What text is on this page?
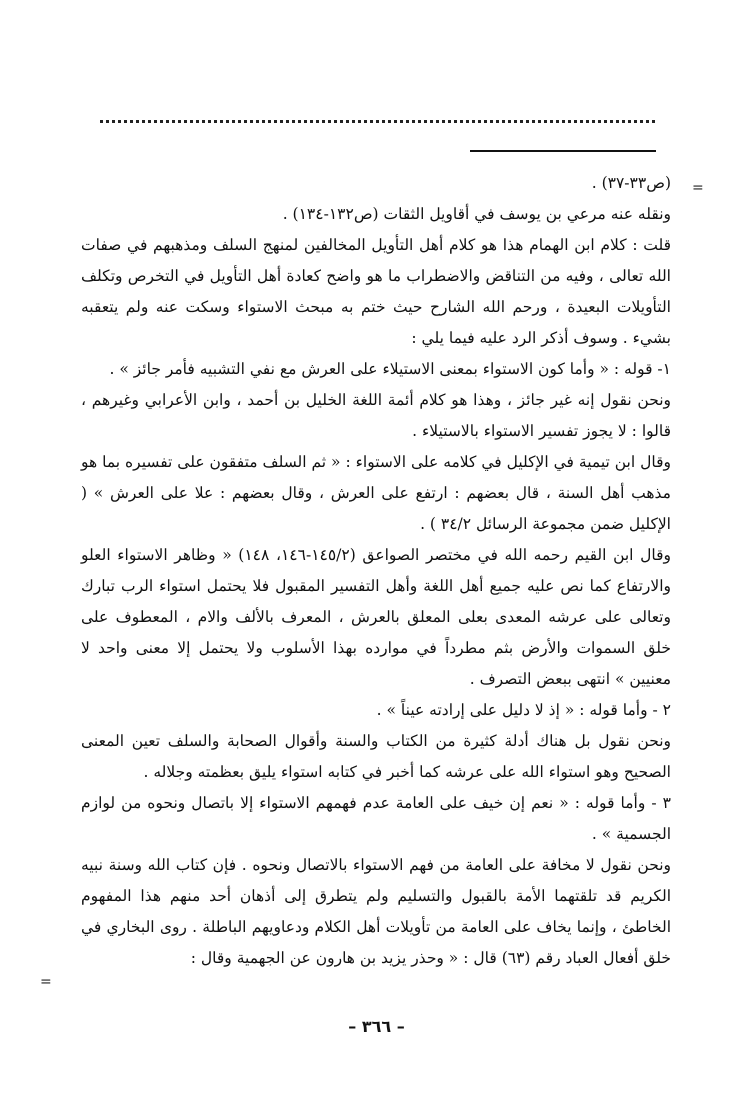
=

(ص٣٣-٣٧) .

ونقله عنه مرعي بن يوسف في أقاويل الثقات (ص١٣٢-١٣٤) .

قلت : كلام ابن الهمام هذا هو كلام أهل التأويل المخالفين لمنهج السلف ومذهبهم في صفات الله تعالى ، وفيه من التناقض والاضطراب ما هو واضح كعادة أهل التأويل في التخرص وتكلف التأويلات البعيدة ، ورحم الله الشارح حيث ختم به مبحث الاستواء وسكت عنه ولم يتعقبه بشيء . وسوف أذكر الرد عليه فيما يلي :

١- قوله : « وأما كون الاستواء بمعنى الاستيلاء على العرش مع نفي التشبيه فأمر جائز » .

ونحن نقول إنه غير جائز ، وهذا هو كلام أئمة اللغة الخليل بن أحمد ، وابن الأعرابي وغيرهم ، قالوا : لا يجوز تفسير الاستواء بالاستيلاء .

وقال ابن تيمية في الإكليل في كلامه على الاستواء : « ثم السلف متفقون على تفسيره بما هو مذهب أهل السنة ، قال بعضهم : ارتفع على العرش ، وقال بعضهم : علا على العرش » ( الإكليل ضمن مجموعة الرسائل ٣٤/٢ ) .

وقال ابن القيم رحمه الله في مختصر الصواعق (١٤٥/٢-١٤٦، ١٤٨) « وظاهر الاستواء العلو والارتفاع كما نص عليه جميع أهل اللغة وأهل التفسير المقبول فلا يحتمل استواء الرب تبارك وتعالى على عرشه المعدى بعلى المعلق بالعرش ، المعرف بالألف والام ، المعطوف على خلق السموات والأرض بثم مطرداً في موارده بهذا الأسلوب ولا يحتمل إلا معنى واحد لا معنيين » انتهى ببعض التصرف .

٢ - وأما قوله : « إذ لا دليل على إرادته عيناً » .

ونحن نقول بل هناك أدلة كثيرة من الكتاب والسنة وأقوال الصحابة والسلف تعين المعنى الصحيح وهو استواء الله على عرشه كما أخبر في كتابه استواء يليق بعظمته وجلاله .

٣ - وأما قوله : « نعم إن خيف على العامة عدم فهمهم الاستواء إلا باتصال ونحوه من لوازم الجسمية » .

ونحن نقول لا مخافة على العامة من فهم الاستواء بالاتصال ونحوه . فإن كتاب الله وسنة نبيه الكريم قد تلقتهما الأمة بالقبول والتسليم ولم يتطرق إلى أذهان أحد منهم هذا المفهوم الخاطئ ، وإنما يخاف على العامة من تأويلات أهل الكلام ودعاويهم الباطلة . روى البخاري في خلق أفعال العباد رقم (٦٣) قال : « وحذر يزيد بن هارون عن الجهمية وقال :

=
– ٣٦٦ –
